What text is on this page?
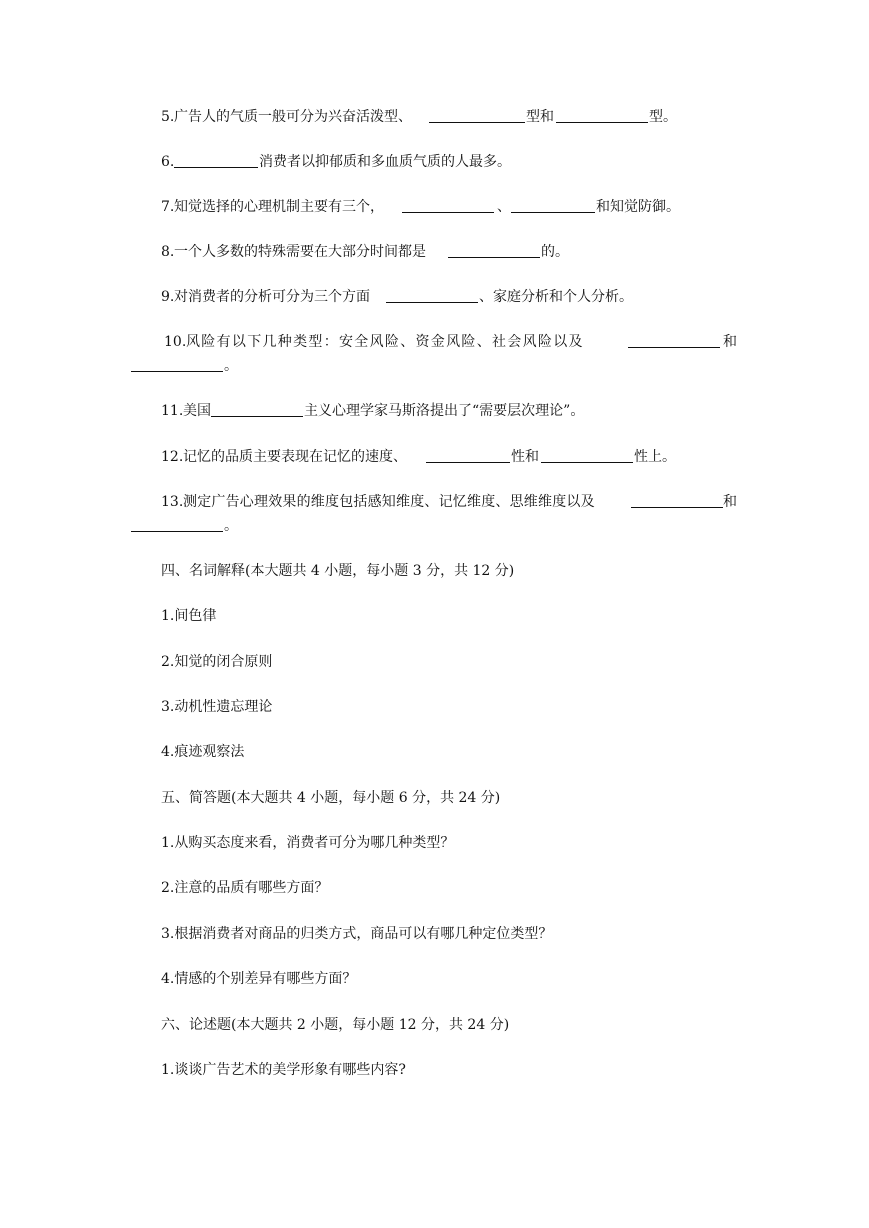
5. 广告人的气质一般可分为兴奋活泼型、	型和	型。
6.	消费者以抑郁质和多血质气质的人最多。
7. 知觉选择的心理机制主要有三个，	、	和知觉防御。
8. 一个人多数的特殊需要在大部分时间都是	的。
9. 对消费者的分析可分为三个方面	、家庭分析和个人分析。
10. 风险有以下几种类型：安全风险、资金风险、社会风险以及	和
。
11. 美国	主义心理学家马斯洛提出了“需要层次理论”。
12. 记忆的品质主要表现在记忆的速度、	性和	性上。
13. 测定广告心理效果的维度包括感知维度、记忆维度、思维维度以及	和
。
四、名词解释(本大题共 4 小题，每小题 3 分，共 12 分)
1.间色律
2.知觉的闭合原则
3.动机性遗忘理论
4.痕迹观察法
五、简答题(本大题共 4 小题，每小题 6 分，共 24 分)
1.从购买态度来看，消费者可分为哪几种类型？
2.注意的品质有哪些方面？
3.根据消费者对商品的归类方式，商品可以有哪几种定位类型？
4.情感的个别差异有哪些方面？
六、论述题(本大题共 2 小题，每小题 12 分，共 24 分)
1.谈谈广告艺术的美学形象有哪些内容?
